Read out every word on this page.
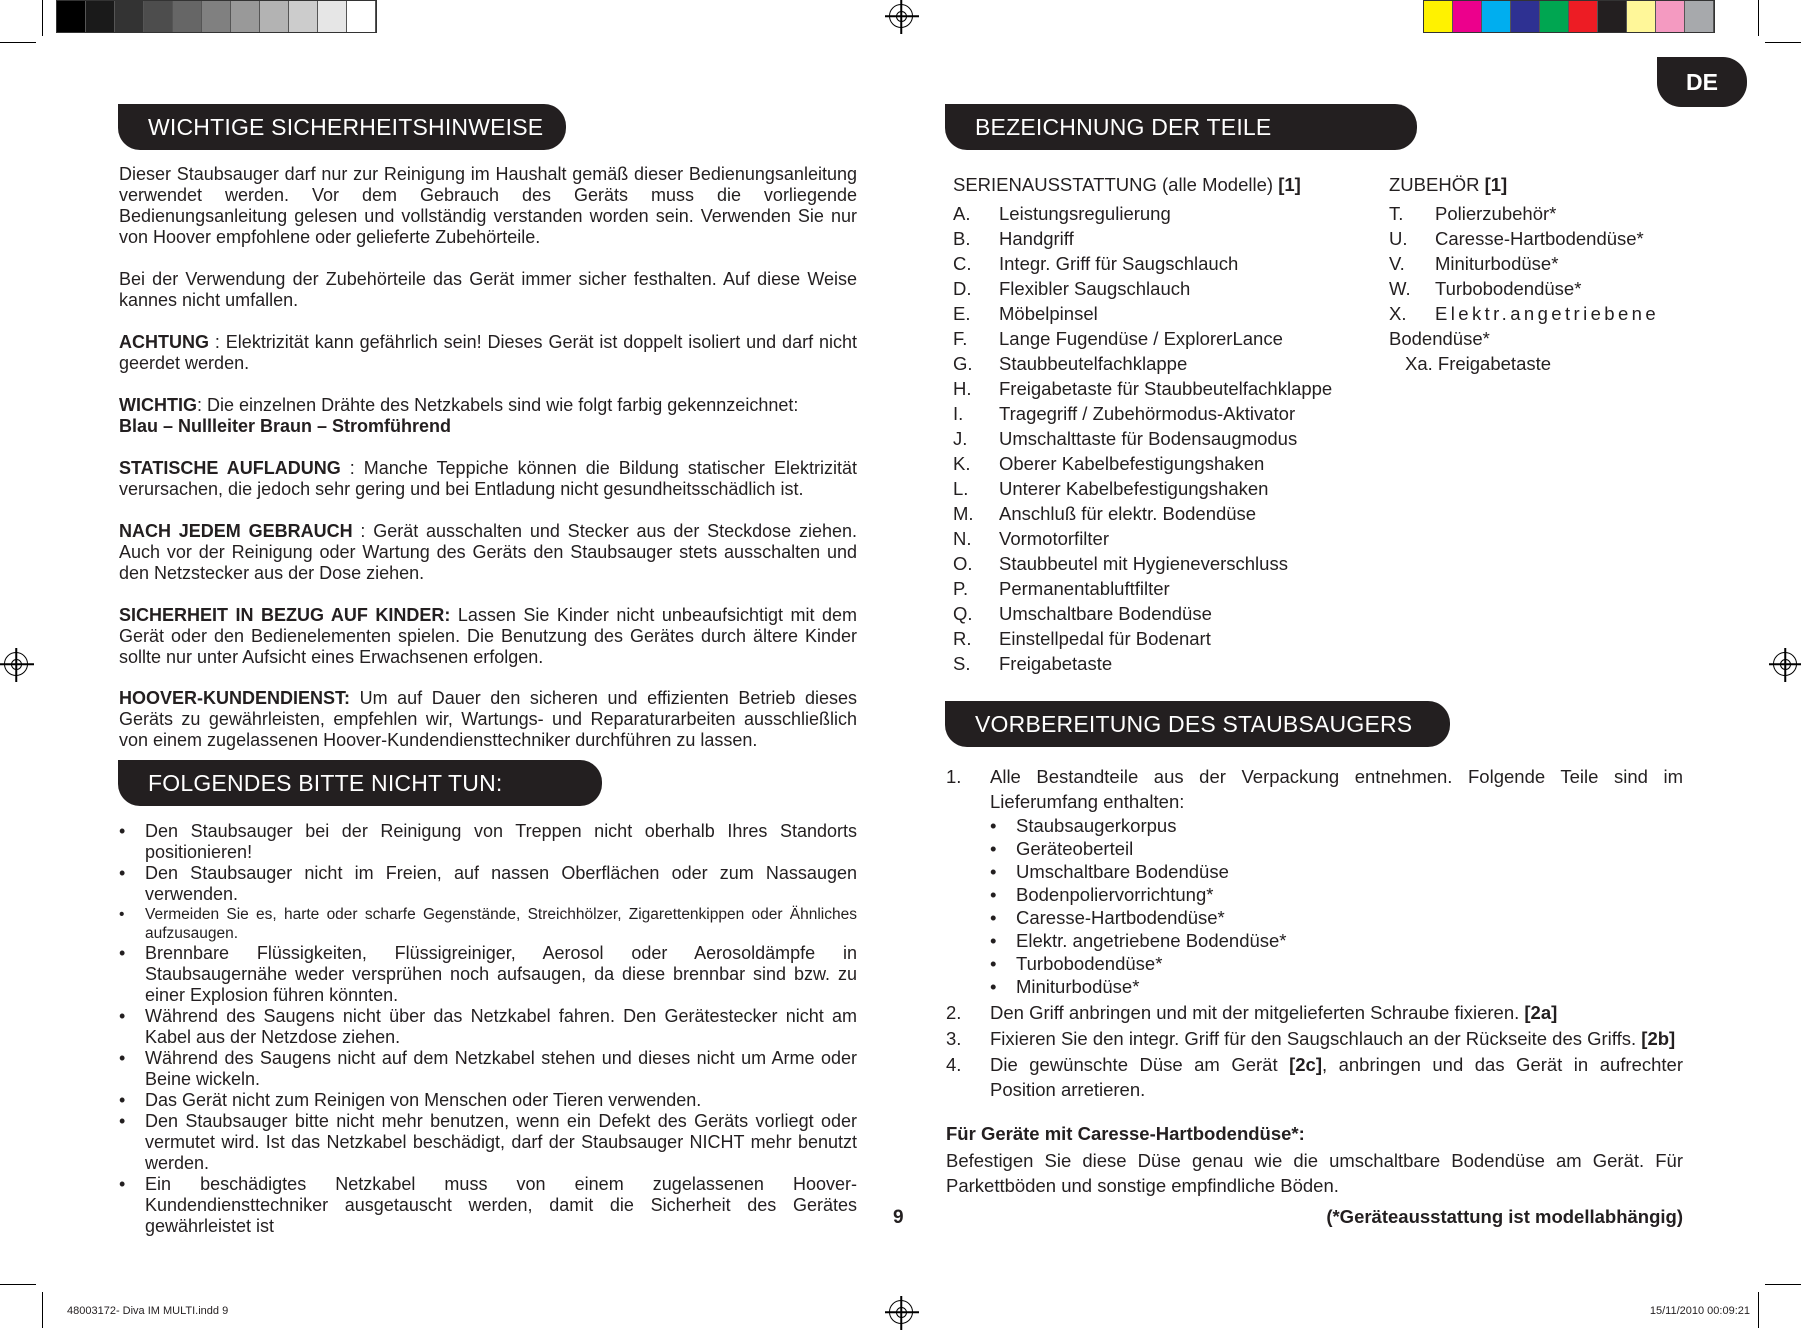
DE
WICHTIGE SICHERHEITSHINWEISE
Dieser Staubsauger darf nur zur Reinigung im Haushalt gemäß dieser Bedienungsanleitung verwendet werden. Vor dem Gebrauch des Geräts muss die vorliegende Bedienungsanleitung gelesen und vollständig verstanden worden sein. Verwenden Sie nur von Hoover empfohlene oder gelieferte Zubehörteile.
Bei der Verwendung der Zubehörteile das Gerät immer sicher festhalten. Auf diese Weise kannes nicht umfallen.
ACHTUNG : Elektrizität kann gefährlich sein! Dieses Gerät ist doppelt isoliert und darf nicht geerdet werden.
WICHTIG: Die einzelnen Drähte des Netzkabels sind wie folgt farbig gekennzeichnet:
Blau – Nullleiter Braun – Stromführend
STATISCHE AUFLADUNG : Manche Teppiche können die Bildung statischer Elektrizität verursachen, die jedoch sehr gering und bei Entladung nicht gesundheitsschädlich ist.
NACH JEDEM GEBRAUCH : Gerät ausschalten und Stecker aus der Steckdose ziehen. Auch vor der Reinigung oder Wartung des Geräts den Staubsauger stets ausschalten und den Netzstecker aus der Dose ziehen.
SICHERHEIT IN BEZUG AUF KINDER: Lassen Sie Kinder nicht unbeaufsichtigt mit dem Gerät oder den Bedienelementen spielen. Die Benutzung des Gerätes durch ältere Kinder sollte nur unter Aufsicht eines Erwachsenen erfolgen.
HOOVER-KUNDENDIENST: Um auf Dauer den sicheren und effizienten Betrieb dieses Geräts zu gewährleisten, empfehlen wir, Wartungs- und Reparaturarbeiten ausschließlich von einem zugelassenen Hoover-Kundendiensttechniker durchführen zu lassen.
FOLGENDES BITTE NICHT TUN:
• Den Staubsauger bei der Reinigung von Treppen nicht oberhalb Ihres Standorts positionieren!
• Den Staubsauger nicht im Freien, auf nassen Oberflächen oder zum Nassaugen verwenden.
• Vermeiden Sie es, harte oder scharfe Gegenstände, Streichhölzer, Zigarettenkippen oder Ähnliches aufzusaugen.
• Brennbare Flüssigkeiten, Flüssigreiniger, Aerosol oder Aerosoldämpfe in Staubsaugernähe weder versprühen noch aufsaugen, da diese brennbar sind bzw. zu einer Explosion führen könnten.
• Während des Saugens nicht über das Netzkabel fahren. Den Gerätestecker nicht am Kabel aus der Netzdose ziehen.
• Während des Saugens nicht auf dem Netzkabel stehen und dieses nicht um Arme oder Beine wickeln.
• Das Gerät nicht zum Reinigen von Menschen oder Tieren verwenden.
• Den Staubsauger bitte nicht mehr benutzen, wenn ein Defekt des Geräts vorliegt oder vermutet wird. Ist das Netzkabel beschädigt, darf der Staubsauger NICHT mehr benutzt werden.
• Ein beschädigtes Netzkabel muss von einem zugelassenen Hoover-Kundendiensttechniker ausgetauscht werden, damit die Sicherheit des Gerätes gewährleistet ist	9
BEZEICHNUNG DER TEILE
SERIENAUSSTATTUNG (alle Modelle) [1]
A.	Leistungsregulierung
B.	Handgriff
C.	Integr. Griff für Saugschlauch
D.	Flexibler Saugschlauch
E.	Möbelpinsel
F.	Lange Fugendüse / ExplorerLance
G.	Staubbeutelfachklappe
H.	Freigabetaste für Staubbeutelfachklappe
I.	Tragegriff / Zubehörmodus-Aktivator
J.	Umschalttaste für Bodensaugmodus
K.	Oberer Kabelbefestigungshaken
L.	Unterer Kabelbefestigungshaken
M.	Anschluß für elektr. Bodendüse
N.	Vormotorfilter
O.	Staubbeutel mit Hygieneverschluss
P.	Permanentabluftfilter
Q.	Umschaltbare Bodendüse
R.	Einstellpedal für Bodenart
S.	Freigabetaste
ZUBEHÖR [1]
T.	Polierzubehör*
U.	Caresse-Hartbodendüse*
V.	Miniturbodüse*
W.	Turbobodendüse*
X.	Elektr.angetriebene
Bodendüse*
Xa. Freigabetaste
VORBEREITUNG DES STAUBSAUGERS
1. Alle Bestandteile aus der Verpackung entnehmen. Folgende Teile sind im Lieferumfang enthalten:
• Staubsaugerkorpus
• Geräteoberteil
• Umschaltbare Bodendüse
• Bodenpoliervorrichtung*
• Caresse-Hartbodendüse*
• Elektr. angetriebene Bodendüse*
• Turbobodendüse*
• Miniturbodüse*
2. Den Griff anbringen und mit der mitgelieferten Schraube fixieren. [2a]
3. Fixieren Sie den integr. Griff für den Saugschlauch an der Rückseite des Griffs. [2b]
4. Die gewünschte Düse am Gerät [2c], anbringen und das Gerät in aufrechter Position arretieren.
Für Geräte mit Caresse-Hartbodendüse*:
Befestigen Sie diese Düse genau wie die umschaltbare Bodendüse am Gerät. Für Parkettböden und sonstige empfindliche Böden.
(*Geräteausstattung ist modellabhängig)
48003172- Diva IM MULTI.indd 9	15/11/2010 00:09:21
